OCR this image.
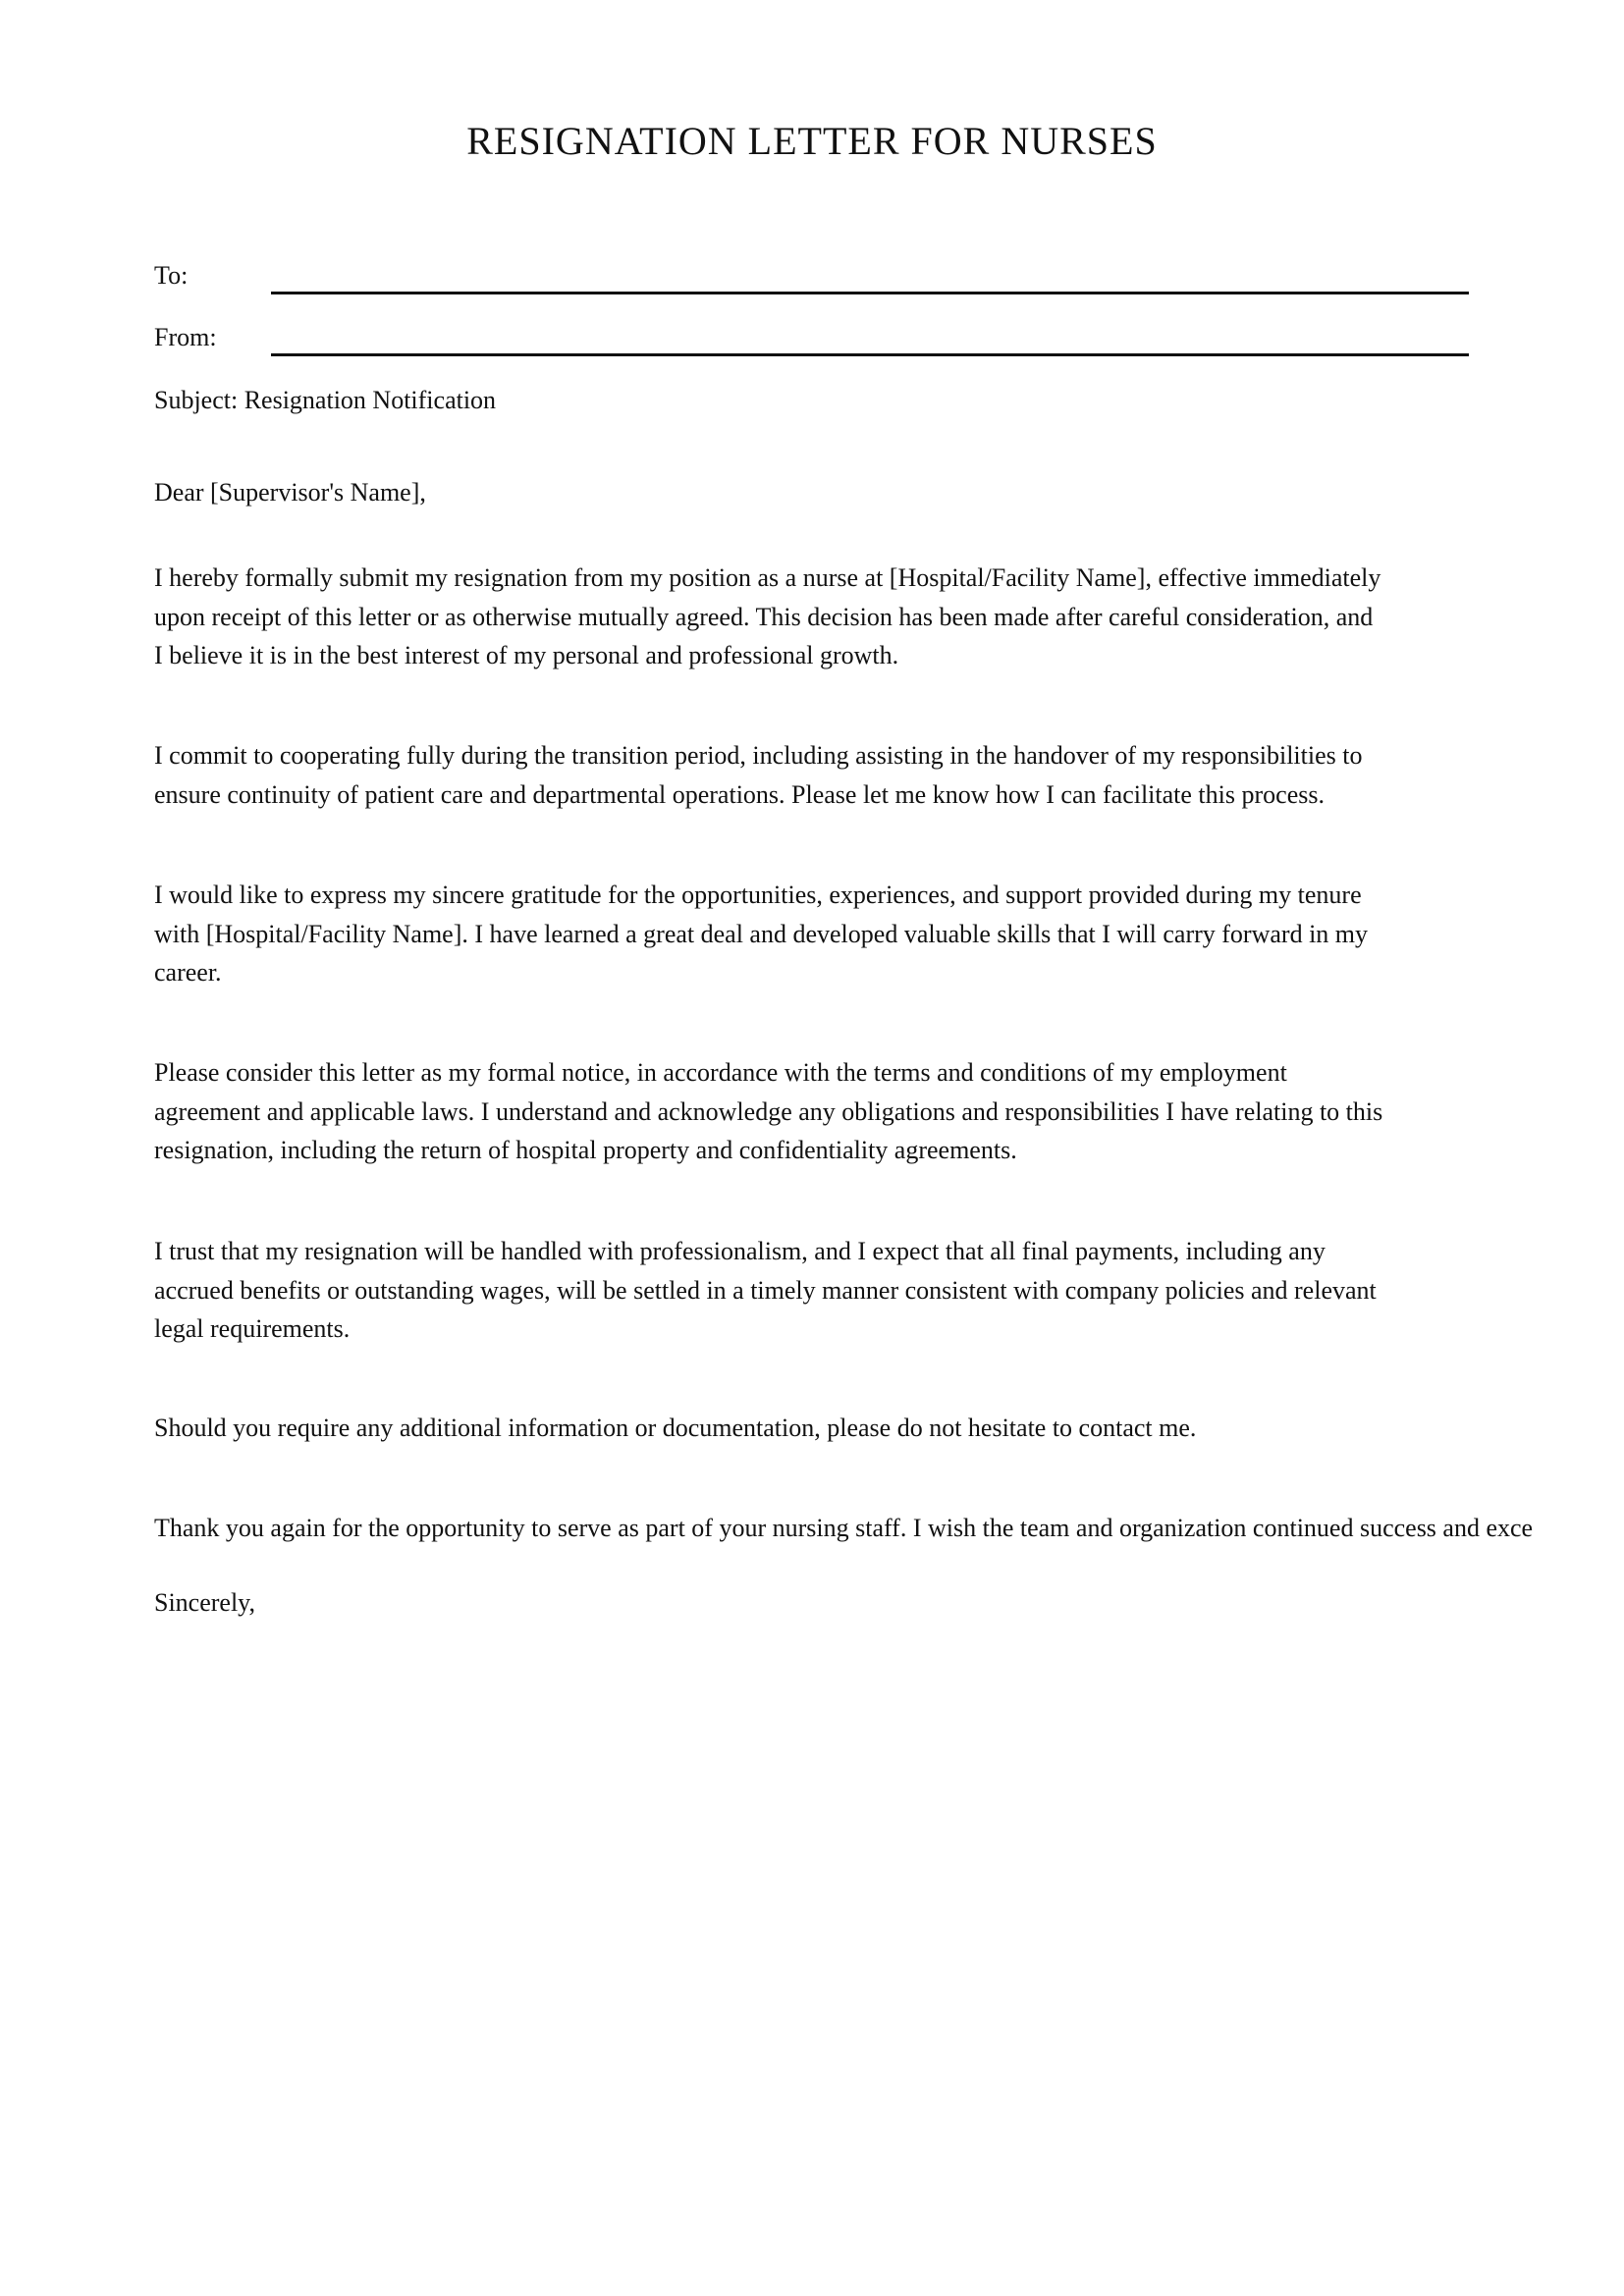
RESIGNATION LETTER FOR NURSES
To:
From:
Subject: Resignation Notification
Dear [Supervisor's Name],
I hereby formally submit my resignation from my position as a nurse at [Hospital/Facility Name], effective immediately
upon receipt of this letter or as otherwise mutually agreed. This decision has been made after careful consideration, and
I believe it is in the best interest of my personal and professional growth.
I commit to cooperating fully during the transition period, including assisting in the handover of my responsibilities to
ensure continuity of patient care and departmental operations. Please let me know how I can facilitate this process.
I would like to express my sincere gratitude for the opportunities, experiences, and support provided during my tenure
with [Hospital/Facility Name]. I have learned a great deal and developed valuable skills that I will carry forward in my
career.
Please consider this letter as my formal notice, in accordance with the terms and conditions of my employment
agreement and applicable laws. I understand and acknowledge any obligations and responsibilities I have relating to this
resignation, including the return of hospital property and confidentiality agreements.
I trust that my resignation will be handled with professionalism, and I expect that all final payments, including any
accrued benefits or outstanding wages, will be settled in a timely manner consistent with company policies and relevant
legal requirements.
Should you require any additional information or documentation, please do not hesitate to contact me.
Thank you again for the opportunity to serve as part of your nursing staff. I wish the team and organization continued success and exce
Sincerely,
